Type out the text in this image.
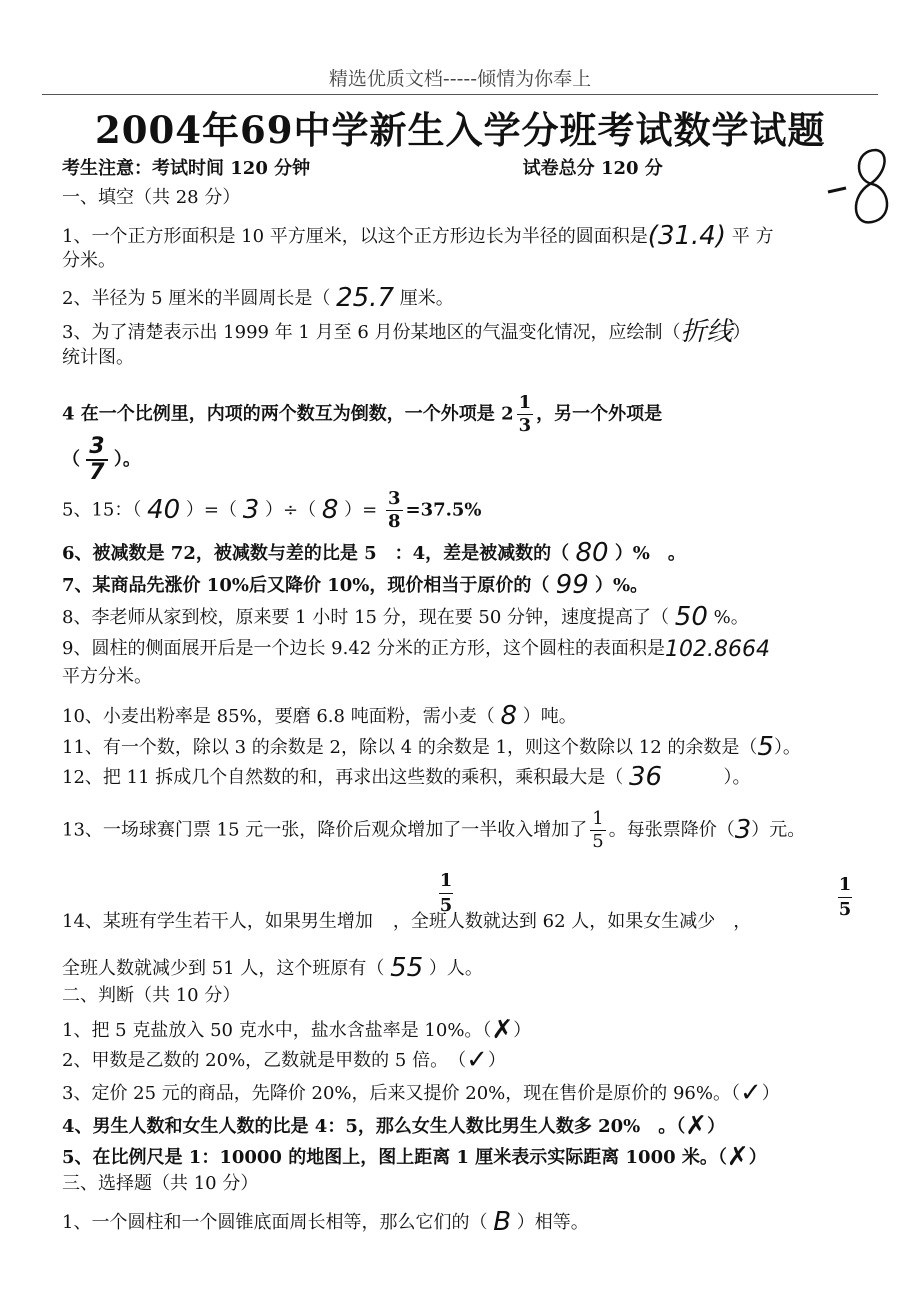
精选优质文档-----倾情为你奉上
2004年69中学新生入学分班考试数学试题
考生注意：考试时间 120 分钟	试卷总分 120 分
一、填空（共 28 分）
1、一个正方形面积是 10 平方厘米，以这个正方形边长为半径的圆面积是(31.4) 平 方
分米。
2、半径为 5 厘米的半圆周长是（ 25.7 厘米。
3、为了清楚表示出 1999 年 1 月至 6 月份某地区的气温变化情况，应绘制（折线）
统计图。
4 在一个比例里，内项的两个数互为倒数，一个外项是 $2 \frac{1}{3}$ ，另一个外项是
（ $\frac{3}{7}$ ）。
5、15：（ 40 ）=（ 3 ）÷（ 8 ）= $\frac{3}{8} =37.5\%$
6、被减数是 72，被减数与差的比是 5　：4，差是被减数的（ 80 ）%　。
7、某商品先涨价 10%后又降价 10%，现价相当于原价的（ 99 ）%。
8、李老师从家到校，原来要 1 小时 15 分，现在要 50 分钟，速度提高了（ 50 %。
9、圆柱的侧面展开后是一个边长 9.42 分米的正方形，这个圆柱的表面积是102.8664
平方分米。
10、小麦出粉率是 85%，要磨 6.8 吨面粉，需小麦（ 8 ）吨。
11、有一个数，除以 3 的余数是 2，除以 4 的余数是 1，则这个数除以 12 的余数是（5）。
12、把 11 拆成几个自然数的和，再求出这些数的乘积，乘积最大是（ 36	）。
13、一场球赛门票 15 元一张，降价后观众增加了一半收入增加了 $\frac{1}{5}$ 。每张票降价（3）元。
$\frac{1}{5}$	$\frac{1}{5}$
14、某班有学生若干人，如果男生增加 ，全班人数就达到 62 人，如果女生减少 ，
全班人数就减少到 51 人，这个班原有（ 55 ）人。
二、判断（共 10 分）
1、把 5 克盐放入 50 克水中，盐水含盐率是 10%。（✗）
2、甲数是乙数的 20%，乙数就是甲数的 5 倍。　（✓）
3、定价 25 元的商品，先降价 20%，后来又提价 20%，现在售价是原价的 96%。（✓）
4、男生人数和女生人数的比是 4：5，那么女生人数比男生人数多 20%　。（✗）
5、在比例尺是 1：10000 的地图上，图上距离 1 厘米表示实际距离 1000 米。（✗）
三、选择题（共 10 分）
1、一个圆柱和一个圆锥底面周长相等，那么它们的（ B ）相等。
